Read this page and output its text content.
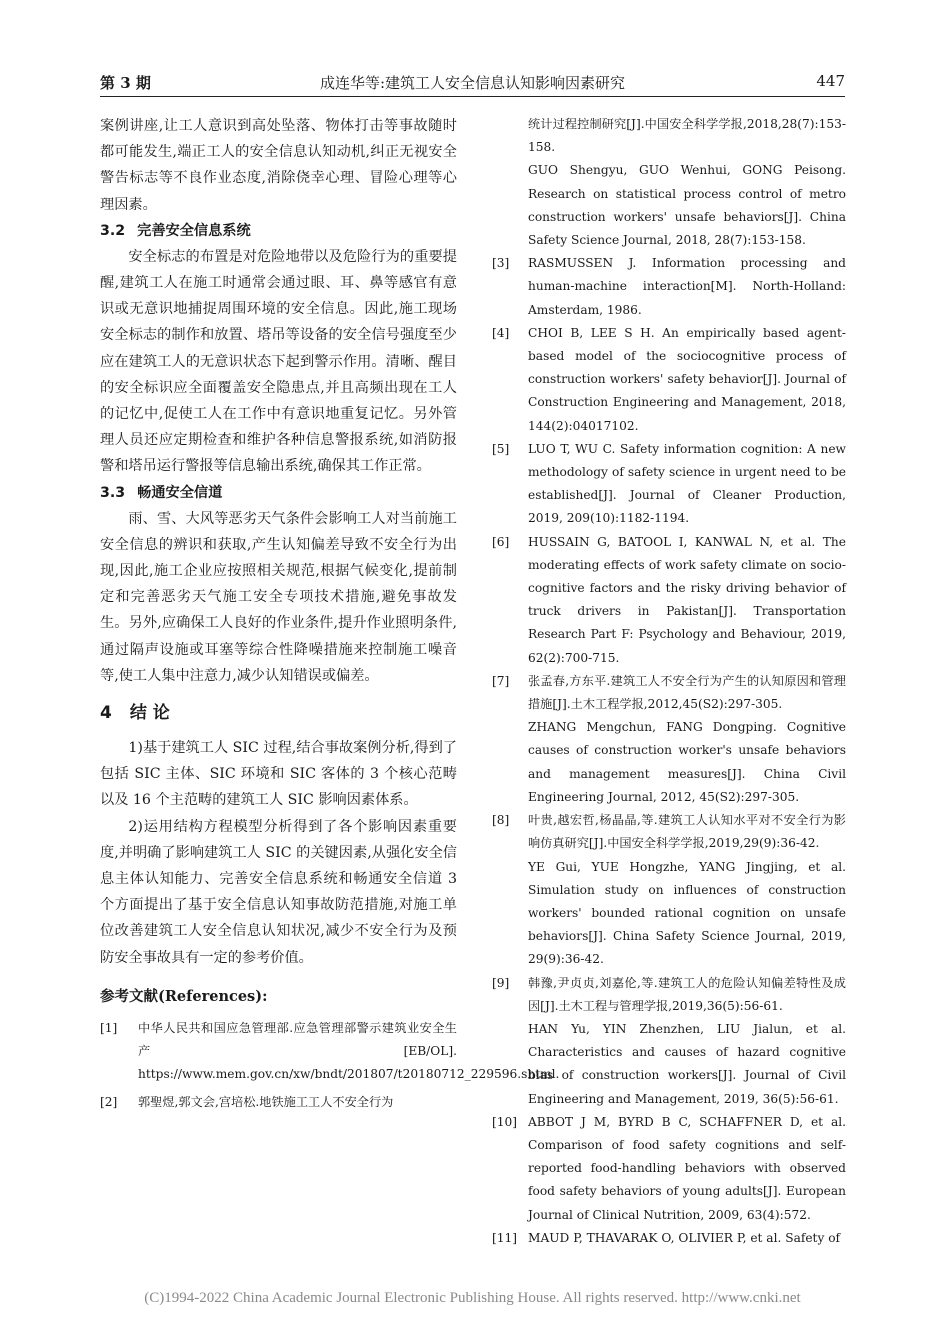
第 3 期	成连华等:建筑工人安全信息认知影响因素研究	447

案例讲座,让工人意识到高处坠落、物体打击等事故随时都可能发生,端正工人的安全信息认知动机,纠正无视安全警告标志等不良作业态度,消除侥幸心理、冒险心理等心理因素。

3.2 完善安全信息系统

安全标志的布置是对危险地带以及危险行为的重要提醒,建筑工人在施工时通常会通过眼、耳、鼻等感官有意识或无意识地捕捉周围环境的安全信息。因此,施工现场安全标志的制作和放置、塔吊等设备的安全信号强度至少应在建筑工人的无意识状态下起到警示作用。清晰、醒目的安全标识应全面覆盖安全隐患点,并且高频出现在工人的记忆中,促使工人在工作中有意识地重复记忆。另外管理人员还应定期检查和维护各种信息警报系统,如消防报警和塔吊运行警报等信息输出系统,确保其工作正常。

3.3 畅通安全信道

雨、雪、大风等恶劣天气条件会影响工人对当前施工安全信息的辨识和获取,产生认知偏差导致不安全行为出现,因此,施工企业应按照相关规范,根据气候变化,提前制定和完善恶劣天气施工安全专项技术措施,避免事故发生。另外,应确保工人良好的作业条件,提升作业照明条件,通过隔声设施或耳塞等综合性降噪措施来控制施工噪音等,使工人集中注意力,减少认知错误或偏差。

4 结 论

1)基于建筑工人 SIC 过程,结合事故案例分析,得到了包括 SIC 主体、SIC 环境和 SIC 客体的 3 个核心范畴以及 16 个主范畴的建筑工人 SIC 影响因素体系。

2)运用结构方程模型分析得到了各个影响因素重要度,并明确了影响建筑工人 SIC 的关键因素,从强化安全信息主体认知能力、完善安全信息系统和畅通安全信道 3 个方面提出了基于安全信息认知事故防范措施,对施工单位改善建筑工人安全信息认知状况,减少不安全行为及预防安全事故具有一定的参考价值。

参考文献(References):
[1] 中华人民共和国应急管理部.应急管理部警示建筑业安全生产[EB/OL]. https://www.mem.gov.cn/xw/bndt/201807/t20180712_229596.shtml.

[2] 郭聖煜,郭文会,宫培松.地铁施工工人不安全行为

统计过程控制研究[J].中国安全科学学报,2018,28(7):153-158.

GUO Shengyu, GUO Wenhui, GONG Peisong. Research on statistical process control of metro construction workers' unsafe behaviors[J]. China Safety Science Journal, 2018, 28(7):153-158.

[3] RASMUSSEN J. Information processing and human-machine interaction[M]. North-Holland: Amsterdam, 1986.

[4] CHOI B, LEE S H. An empirically based agent-based model of the sociocognitive process of construction workers' safety behavior[J]. Journal of Construction Engineering and Management, 2018, 144(2):04017102.

[5] LUO T, WU C. Safety information cognition: A new methodology of safety science in urgent need to be established[J]. Journal of Cleaner Production, 2019, 209(10):1182-1194.

[6] HUSSAIN G, BATOOL I, KANWAL N, et al. The moderating effects of work safety climate on socio-cognitive factors and the risky driving behavior of truck drivers in Pakistan[J]. Transportation Research Part F: Psychology and Behaviour, 2019, 62(2):700-715.

[7] 张孟春,方东平.建筑工人不安全行为产生的认知原因和管理措施[J].土木工程学报,2012,45(S2):297-305.

ZHANG Mengchun, FANG Dongping. Cognitive causes of construction worker's unsafe behaviors and management measures[J]. China Civil Engineering Journal, 2012, 45(S2):297-305.

[8] 叶贵,越宏哲,杨晶晶,等.建筑工人认知水平对不安全行为影响仿真研究[J].中国安全科学学报,2019,29(9):36-42.

YE Gui, YUE Hongzhe, YANG Jingjing, et al. Simulation study on influences of construction workers' bounded rational cognition on unsafe behaviors[J]. China Safety Science Journal, 2019, 29(9):36-42.

[9] 韩豫,尹贞贞,刘嘉伦,等.建筑工人的危险认知偏差特性及成因[J].土木工程与管理学报,2019,36(5):56-61.

HAN Yu, YIN Zhenzhen, LIU Jialun, et al. Characteristics and causes of hazard cognitive bias of construction workers[J]. Journal of Civil Engineering and Management, 2019, 36(5):56-61.

[10] ABBOT J M, BYRD B C, SCHAFFNER D, et al. Comparison of food safety cognitions and self-reported food-handling behaviors with observed food safety behaviors of young adults[J]. European Journal of Clinical Nutrition, 2009, 63(4):572.

[11] MAUD P, THAVARAK O, OLIVIER P, et al. Safety of

(C)1994-2022 China Academic Journal Electronic Publishing House. All rights reserved. http://www.cnki.net
